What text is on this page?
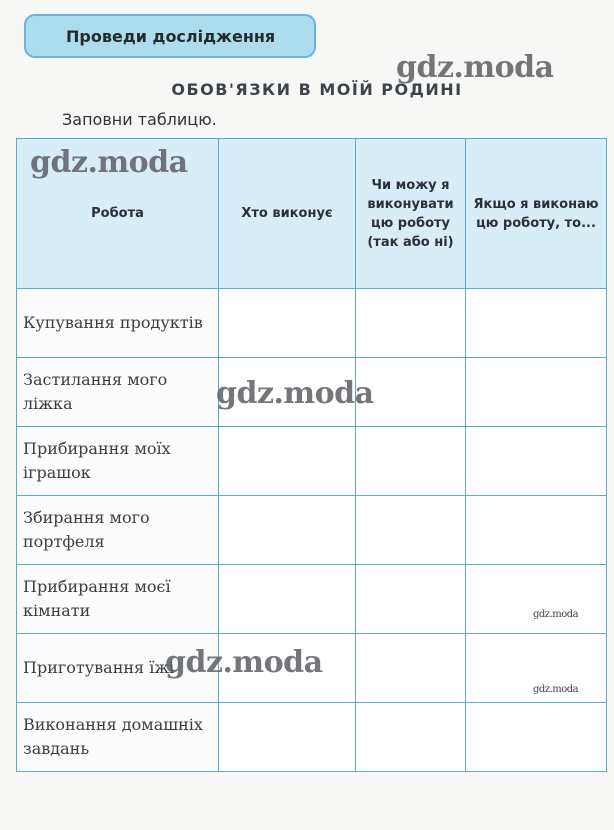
Проведи дослідження
ОБОВ'ЯЗКИ В МОЇЙ РОДИНІ
Заповни таблицю.
Робота	Хто виконує	Чи можу я виконувати цю роботу (так або ні)	Якщо я виконаю цю роботу, то...
Купування продуктів			
Застилання мого ліжка			
Прибирання моїх іграшок			
Збирання мого портфеля			
Прибирання моєї кімнати			
Приготування їжі			
Виконання домашніх завдань			
gdz.moda
gdz.moda
gdz.moda
gdz.moda
gdz.moda
gdz.moda
